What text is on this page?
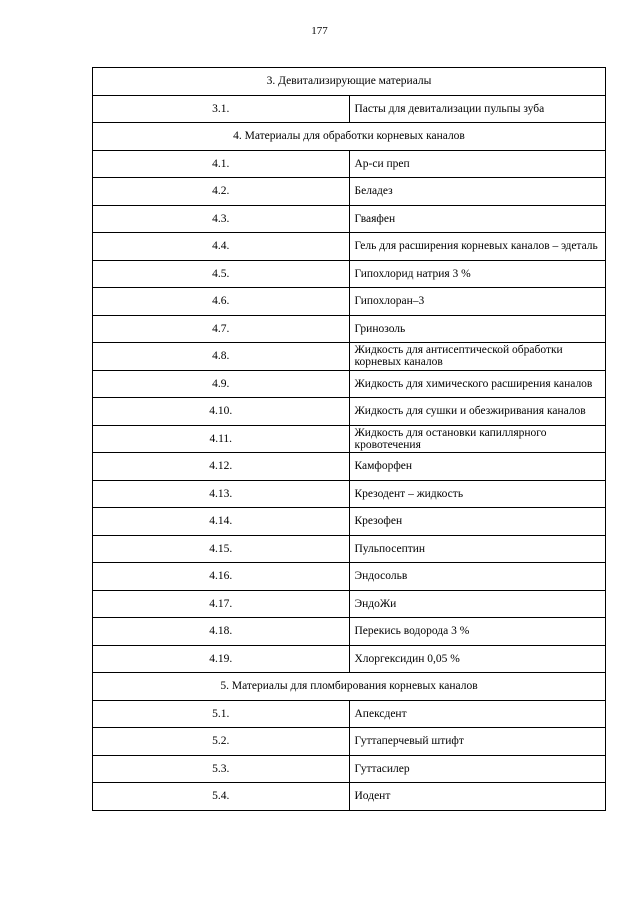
177
3. Девитализирующие материалы	
3.1.	Пасты для девитализации пульпы зуба
4. Материалы для обработки корневых каналов	
4.1.	Ар-си преп
4.2.	Беладез
4.3.	Гваяфен
4.4.	Гель для расширения корневых каналов – эдеталь
4.5.	Гипохлорид натрия 3 %
4.6.	Гипохлоран–3
4.7.	Гринозоль
4.8.	Жидкость для антисептической обработки корневых каналов
4.9.	Жидкость для химического расширения каналов
4.10.	Жидкость для сушки и обезжиривания каналов
4.11.	Жидкость для остановки капиллярного кровотечения
4.12.	Камфорфен
4.13.	Крезодент – жидкость
4.14.	Крезофен
4.15.	Пульпосептин
4.16.	Эндосольв
4.17.	ЭндоЖи
4.18.	Перекись водорода 3 %
4.19.	Хлоргексидин 0,05 %
5. Материалы для пломбирования корневых каналов	
5.1.	Апексдент
5.2.	Гуттаперчевый штифт
5.3.	Гуттасилер
5.4.	Иодент
